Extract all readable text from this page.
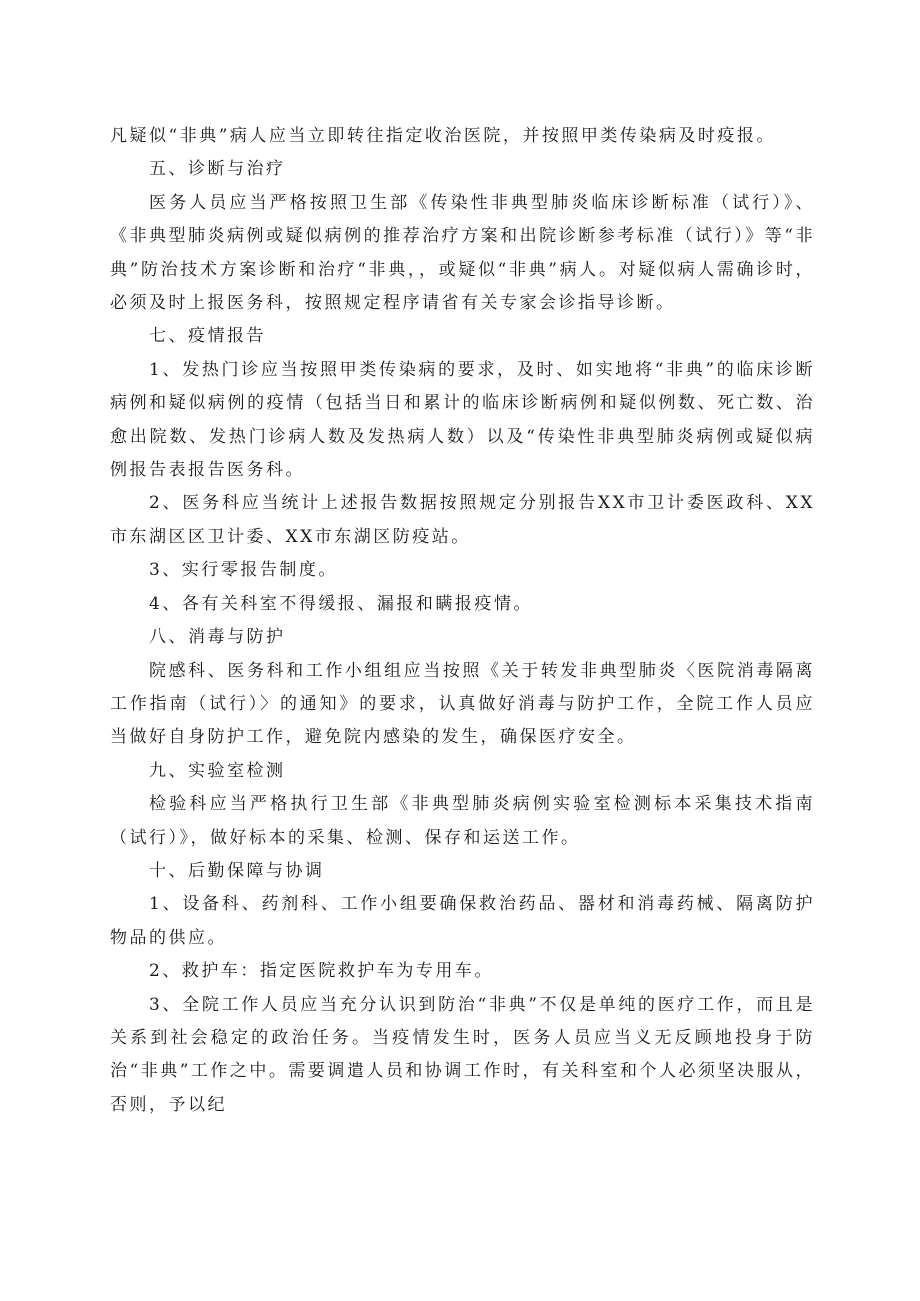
凡疑似“非典”病人应当立即转往指定收治医院，并按照甲类传染病及时疫报。

五、诊断与治疗

医务人员应当严格按照卫生部《传染性非典型肺炎临床诊断标准（试行）》、《非典型肺炎病例或疑似病例的推荐治疗方案和出院诊断参考标准（试行）》等“非典”防治技术方案诊断和治疗“非典，，或疑似“非典”病人。对疑似病人需确诊时，必须及时上报医务科，按照规定程序请省有关专家会诊指导诊断。

七、疫情报告

1、发热门诊应当按照甲类传染病的要求，及时、如实地将“非典”的临床诊断病例和疑似病例的疫情（包括当日和累计的临床诊断病例和疑似例数、死亡数、治愈出院数、发热门诊病人数及发热病人数）以及“传染性非典型肺炎病例或疑似病例报告表报告医务科。

2、医务科应当统计上述报告数据按照规定分别报告XX市卫计委医政科、XX市东湖区区卫计委、XX市东湖区防疫站。

3、实行零报告制度。

4、各有关科室不得缓报、漏报和瞒报疫情。

八、消毒与防护

院感科、医务科和工作小组组应当按照《关于转发非典型肺炎〈医院消毒隔离工作指南（试行）〉的通知》的要求，认真做好消毒与防护工作，全院工作人员应当做好自身防护工作，避免院内感染的发生，确保医疗安全。

九、实验室检测

检验科应当严格执行卫生部《非典型肺炎病例实验室检测标本采集技术指南（试行）》，做好标本的采集、检测、保存和运送工作。

十、后勤保障与协调

1、设备科、药剂科、工作小组要确保救治药品、器材和消毒药械、隔离防护物品的供应。

2、救护车：指定医院救护车为专用车。

3、全院工作人员应当充分认识到防治“非典”不仅是单纯的医疗工作，而且是关系到社会稳定的政治任务。当疫情发生时，医务人员应当义无反顾地投身于防治“非典”工作之中。需要调遣人员和协调工作时，有关科室和个人必须坚决服从，否则，予以纪
